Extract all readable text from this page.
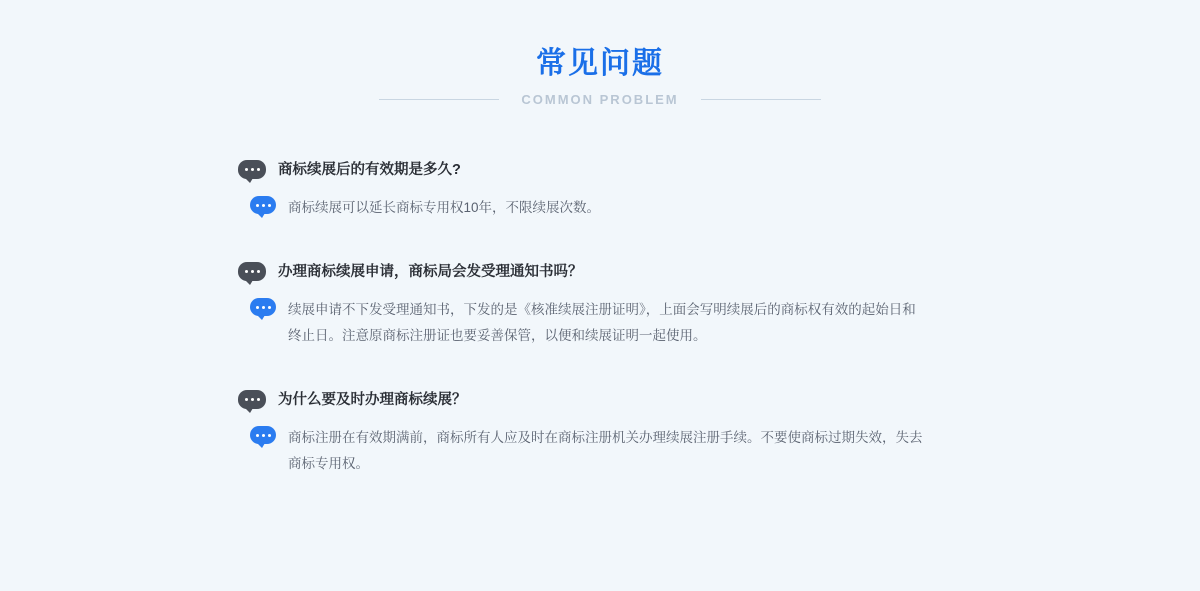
常见问题
COMMON PROBLEM
商标续展后的有效期是多久?
商标续展可以延长商标专用权10年，不限续展次数。
办理商标续展申请，商标局会发受理通知书吗？
续展申请不下发受理通知书，下发的是《核准续展注册证明》，上面会写明续展后的商标权有效的起始日和终止日。注意原商标注册证也要妥善保管，以便和续展证明一起使用。
为什么要及时办理商标续展？
商标注册在有效期满前，商标所有人应及时在商标注册机关办理续展注册手续。不要使商标过期失效，失去商标专用权。
